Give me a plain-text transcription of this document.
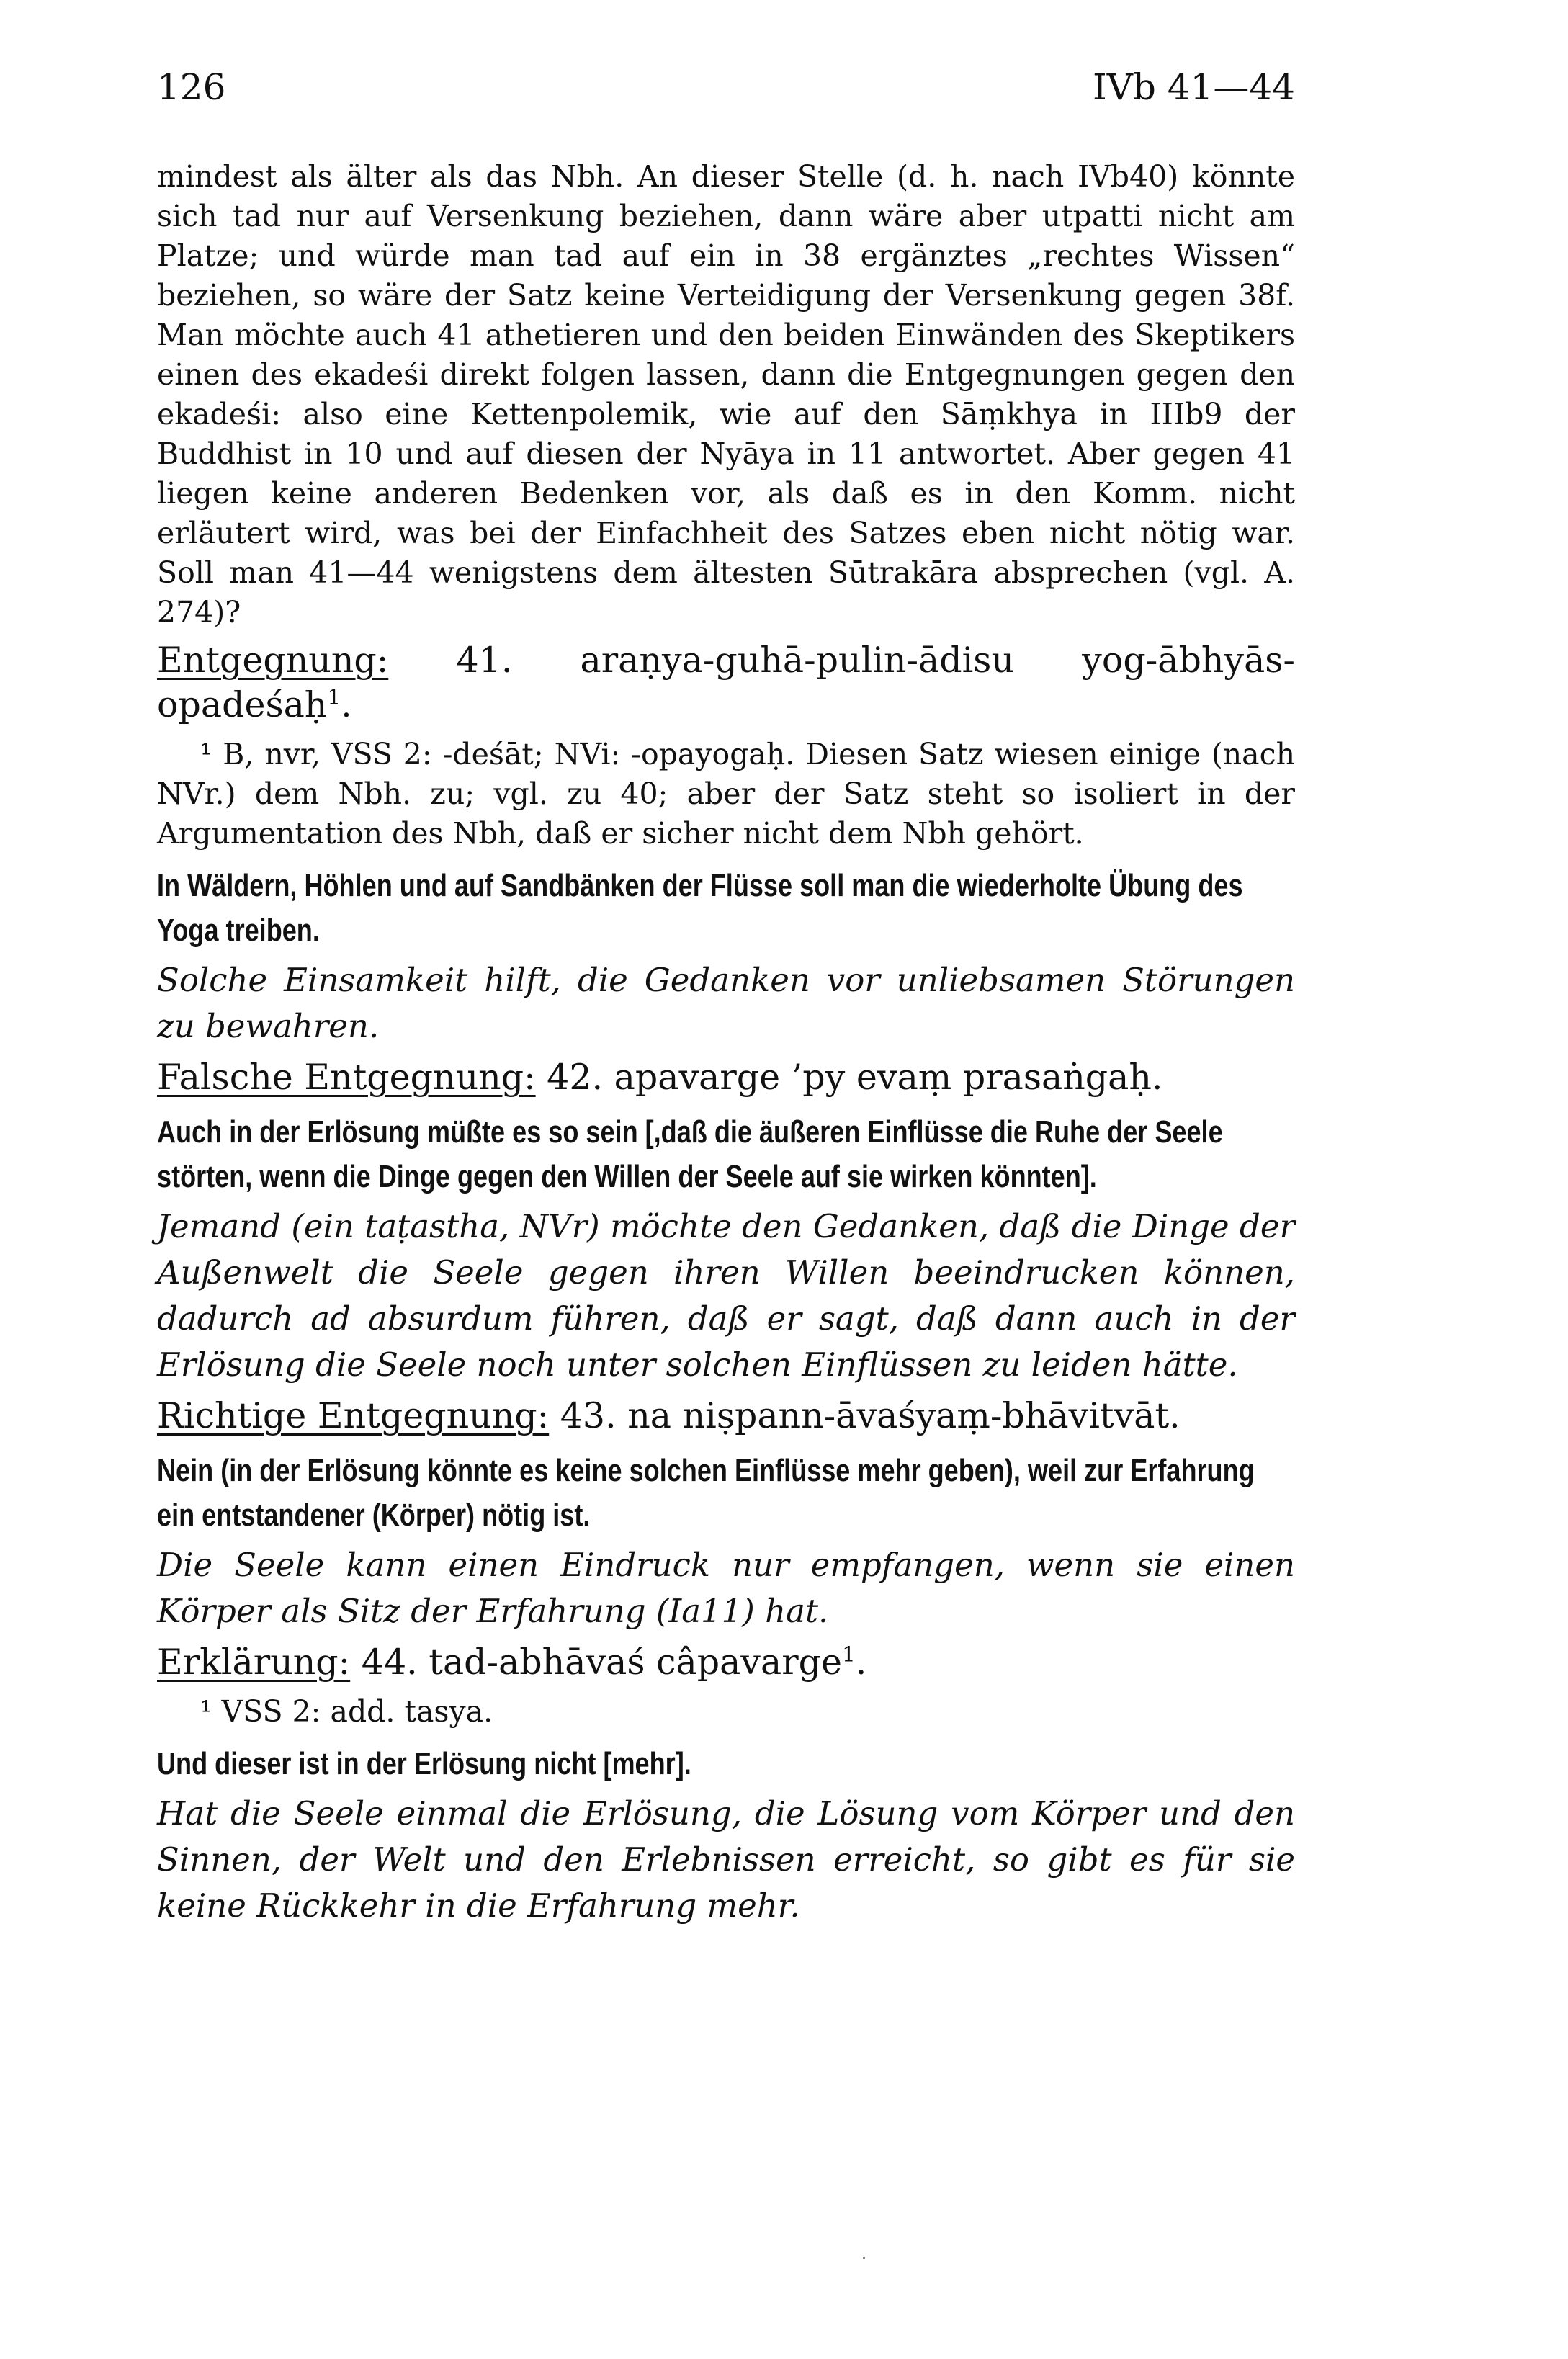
126	IVb 41—44

mindest als älter als das Nbh. An dieser Stelle (d. h. nach IVb40) könnte sich tad nur auf Versenkung beziehen, dann wäre aber utpatti nicht am Platze; und würde man tad auf ein in 38 ergänztes „rechtes Wissen“ beziehen, so wäre der Satz keine Verteidigung der Versenkung gegen 38f. Man möchte auch 41 athetieren und den beiden Einwänden des Skeptikers einen des ekadeśi direkt folgen lassen, dann die Entgegnungen gegen den ekadeśi: also eine Kettenpolemik, wie auf den Sāṃkhya in IIIb9 der Buddhist in 10 und auf diesen der Nyāya in 11 antwortet. Aber gegen 41 liegen keine anderen Bedenken vor, als daß es in den Komm. nicht erläutert wird, was bei der Einfachheit des Satzes eben nicht nötig war. Soll man 41—44 wenigstens dem ältesten Sūtrakāra absprechen (vgl. A. 274)?

Entgegnung: 41. araṇya-guhā-pulin-ādisu yog-ābhyās-opadeśaḥ$^1$.

¹ B, nvr, VSS 2: -deśāt; NVi: -opayogaḥ. Diesen Satz wiesen einige (nach NVr.) dem Nbh. zu; vgl. zu 40; aber der Satz steht so isoliert in der Argumentation des Nbh, daß er sicher nicht dem Nbh gehört.

In Wäldern, Höhlen und auf Sandbänken der Flüsse soll man die wiederholte Übung des Yoga treiben.

Solche Einsamkeit hilft, die Gedanken vor unliebsamen Störungen zu bewahren.

Falsche Entgegnung: 42. apavarge ’py evaṃ prasaṅgaḥ.

Auch in der Erlösung müßte es so sein [,daß die äußeren Einflüsse die Ruhe der Seele störten, wenn die Dinge gegen den Willen der Seele auf sie wirken könnten].

Jemand (ein taṭastha, NVr) möchte den Gedanken, daß die Dinge der Außenwelt die Seele gegen ihren Willen beeindrucken können, dadurch ad absurdum führen, daß er sagt, daß dann auch in der Erlösung die Seele noch unter solchen Einflüssen zu leiden hätte.

Richtige Entgegnung: 43. na niṣpann-āvaśyaṃ-bhāvitvāt.

Nein (in der Erlösung könnte es keine solchen Einflüsse mehr geben), weil zur Erfahrung ein entstandener (Körper) nötig ist.

Die Seele kann einen Eindruck nur empfangen, wenn sie einen Körper als Sitz der Erfahrung (Ia11) hat.

Erklärung: 44. tad-abhāvaś câpavarge$^1$.

¹ VSS 2: add. tasya.

Und dieser ist in der Erlösung nicht [mehr].

Hat die Seele einmal die Erlösung, die Lösung vom Körper und den Sinnen, der Welt und den Erlebnissen erreicht, so gibt es für sie keine Rückkehr in die Erfahrung mehr.

.
